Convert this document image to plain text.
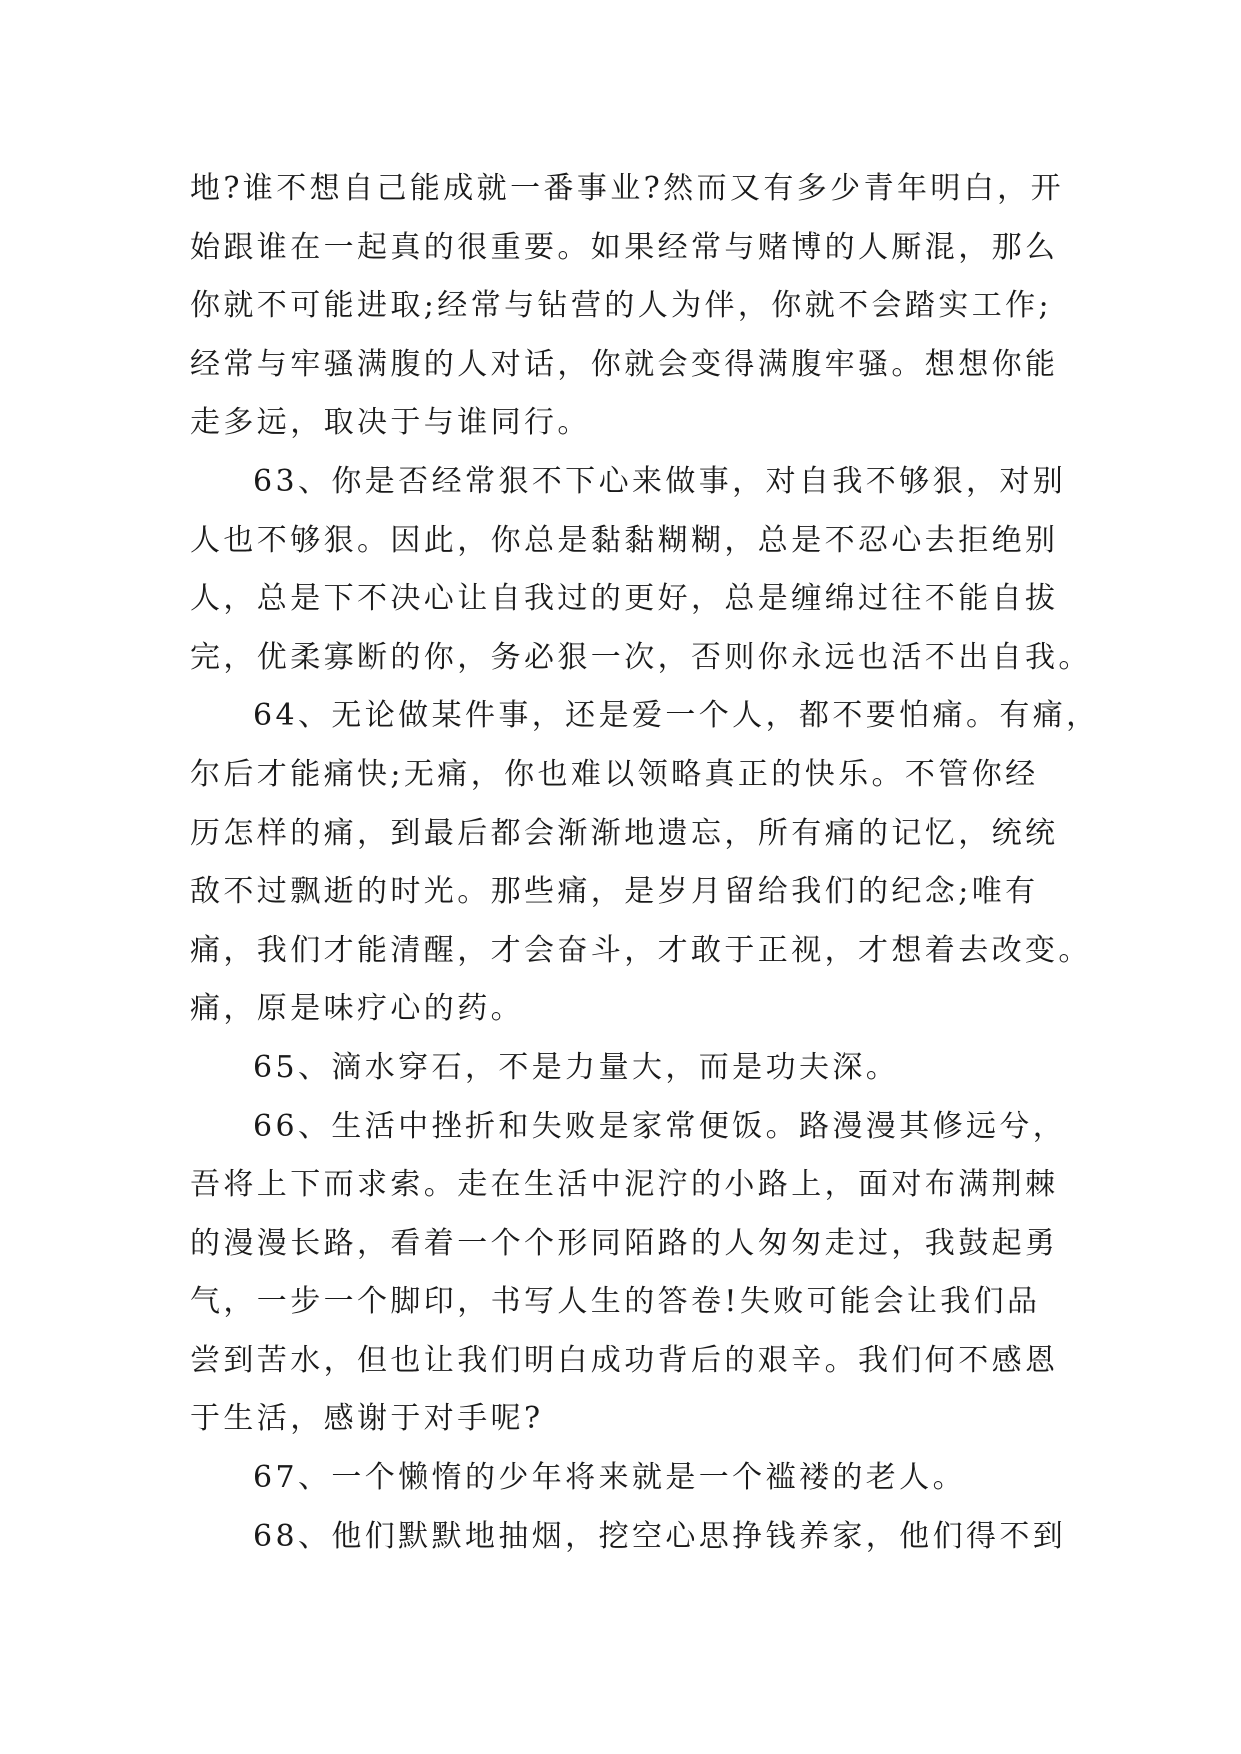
地?谁不想自己能成就一番事业?然而又有多少青年明白，开
始跟谁在一起真的很重要。如果经常与赌博的人厮混，那么
你就不可能进取;经常与钻营的人为伴，你就不会踏实工作;
经常与牢骚满腹的人对话，你就会变得满腹牢骚。想想你能
走多远，取决于与谁同行。
63、你是否经常狠不下心来做事，对自我不够狠，对别
人也不够狠。因此，你总是黏黏糊糊，总是不忍心去拒绝别
人，总是下不决心让自我过的更好，总是缠绵过往不能自拔
完，优柔寡断的你，务必狠一次，否则你永远也活不出自我。
64、无论做某件事，还是爱一个人，都不要怕痛。有痛，
尔后才能痛快;无痛，你也难以领略真正的快乐。不管你经
历怎样的痛，到最后都会渐渐地遗忘，所有痛的记忆，统统
敌不过飘逝的时光。那些痛，是岁月留给我们的纪念;唯有
痛，我们才能清醒，才会奋斗，才敢于正视，才想着去改变。
痛，原是味疗心的药。
65、滴水穿石，不是力量大，而是功夫深。
66、生活中挫折和失败是家常便饭。路漫漫其修远兮，
吾将上下而求索。走在生活中泥泞的小路上，面对布满荆棘
的漫漫长路，看着一个个形同陌路的人匆匆走过，我鼓起勇
气，一步一个脚印，书写人生的答卷!失败可能会让我们品
尝到苦水，但也让我们明白成功背后的艰辛。我们何不感恩
于生活，感谢于对手呢?
67、一个懒惰的少年将来就是一个褴褛的老人。
68、他们默默地抽烟，挖空心思挣钱养家，他们得不到
